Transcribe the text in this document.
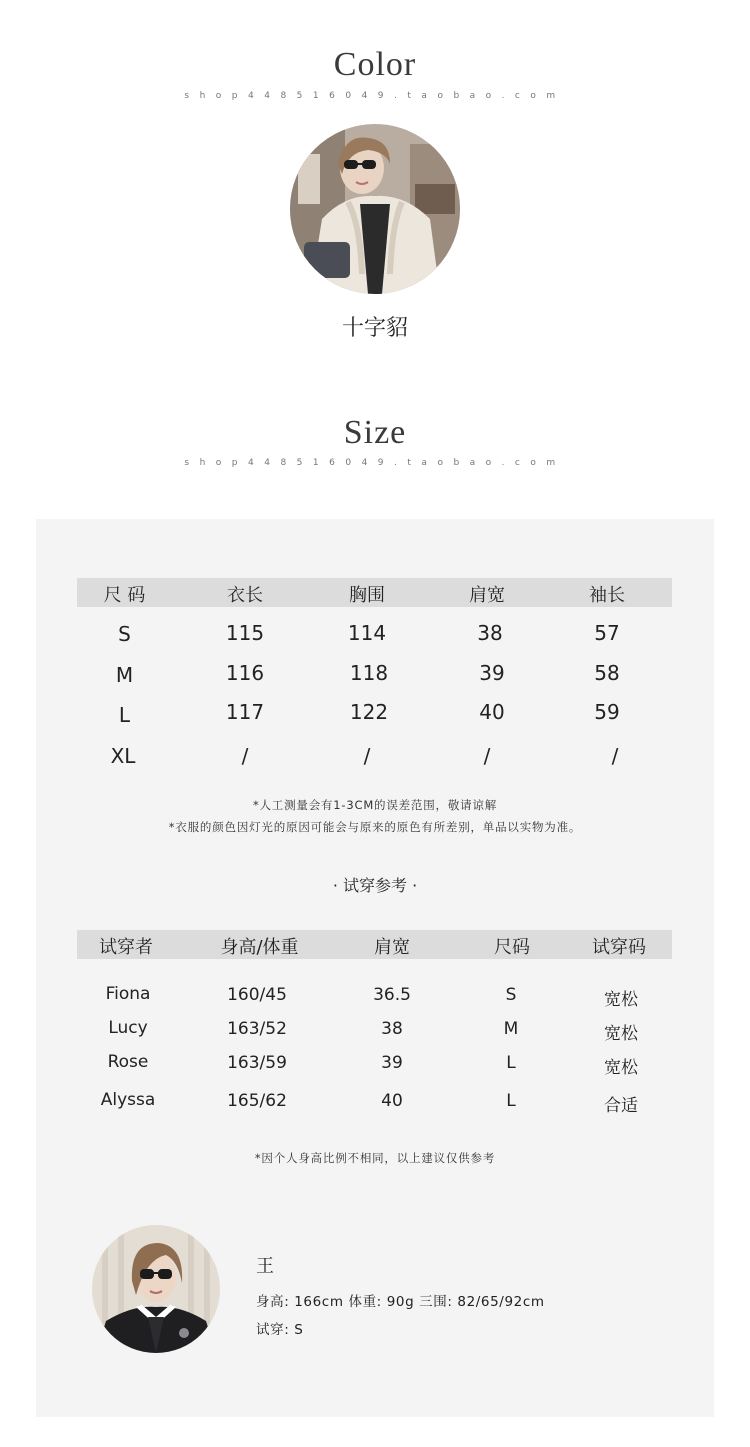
Color
shop448516049.taobao.com
十字貂
Size
shop448516049.taobao.com
尺 码	衣长	胸围	肩宽	袖长
S	115	114	38	57
M	116	118	39	58
L	117	122	40	59
XL	/	/	/	/
*人工测量会有1-3CM的误差范围，敬请谅解
*衣服的颜色因灯光的原因可能会与原来的原色有所差别，单品以实物为准。
· 试穿参考 ·
试穿者	身高/体重	肩宽	尺码	试穿码
Fiona	160/45	36.5	S	宽松
Lucy	163/52	38	M	宽松
Rose	163/59	39	L	宽松
Alyssa	165/62	40	L	合适
*因个人身高比例不相同，以上建议仅供参考
王
身高: 166cm 体重: 90g 三围: 82/65/92cm
试穿: S
